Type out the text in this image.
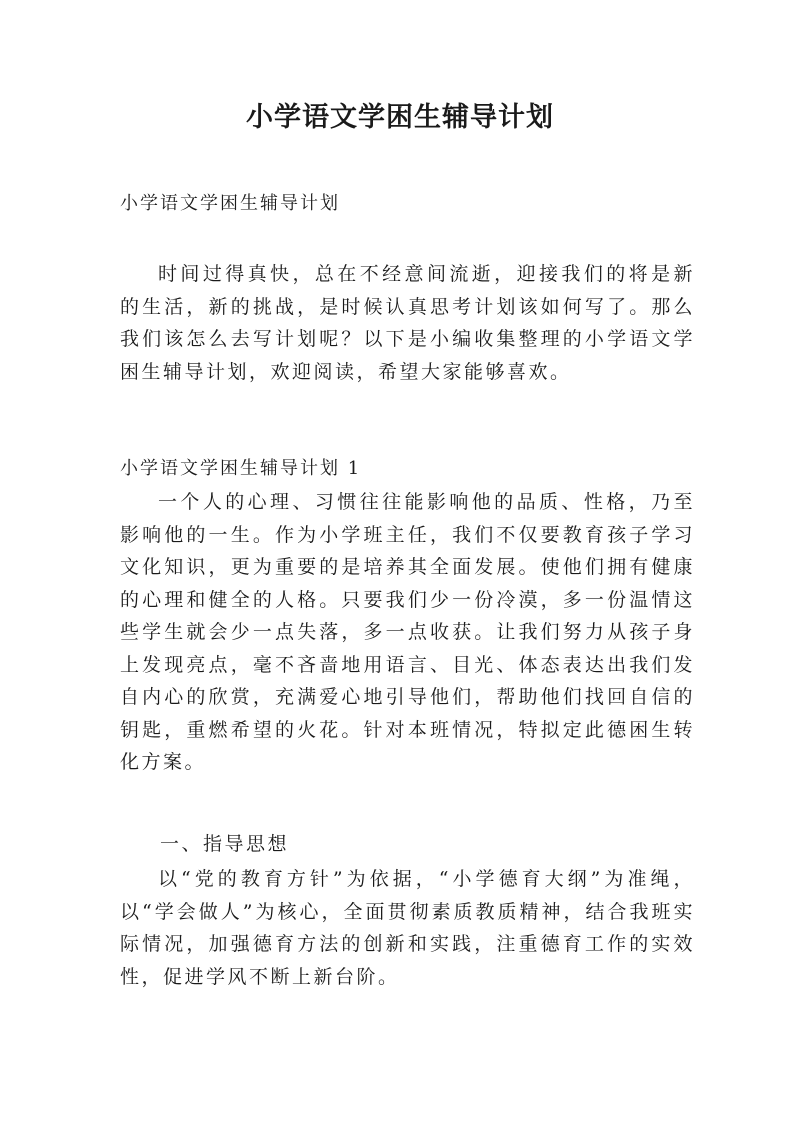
小学语文学困生辅导计划

小学语文学困生辅导计划

时间过得真快，总在不经意间流逝，迎接我们的将是新的生活，新的挑战，是时候认真思考计划该如何写了。那么我们该怎么去写计划呢？以下是小编收集整理的小学语文学困生辅导计划，欢迎阅读，希望大家能够喜欢。

小学语文学困生辅导计划 1

一个人的心理、习惯往往能影响他的品质、性格，乃至影响他的一生。作为小学班主任，我们不仅要教育孩子学习文化知识，更为重要的是培养其全面发展。使他们拥有健康的心理和健全的人格。只要我们少一份冷漠，多一份温情这些学生就会少一点失落，多一点收获。让我们努力从孩子身上发现亮点，毫不吝啬地用语言、目光、体态表达出我们发自内心的欣赏，充满爱心地引导他们，帮助他们找回自信的钥匙，重燃希望的火花。针对本班情况，特拟定此德困生转化方案。

一、指导思想

以“党的教育方针”为依据，“小学德育大纲”为准绳，以“学会做人”为核心，全面贯彻素质教质精神，结合我班实际情况，加强德育方法的创新和实践，注重德育工作的实效性，促进学风不断上新台阶。
